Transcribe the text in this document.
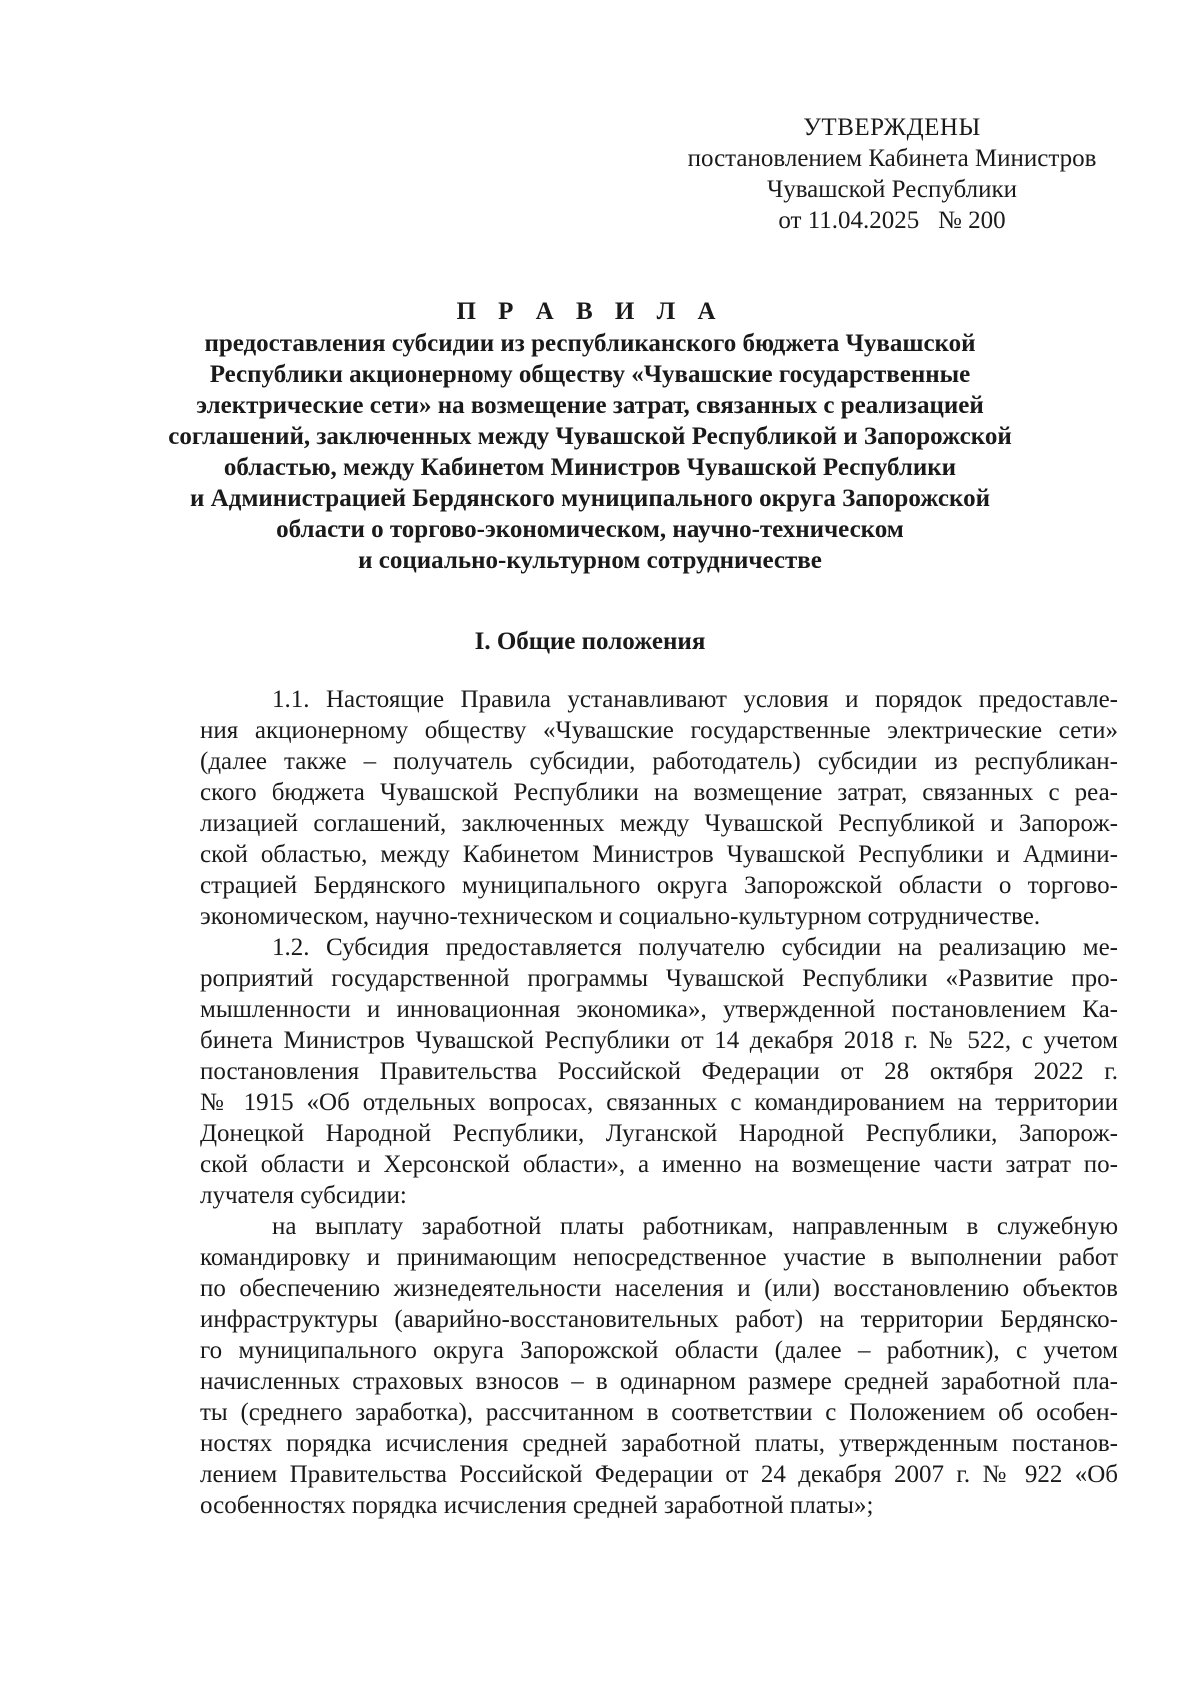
УТВЕРЖДЕНЫ
постановлением Кабинета Министров
Чувашской Республики
от 11.04.2025   № 200
П Р А В И Л А
предоставления субсидии из республиканского бюджета Чувашской
Республики акционерному обществу «Чувашские государственные
электрические сети» на возмещение затрат, связанных с реализацией
соглашений, заключенных между Чувашской Республикой и Запорожской
областью, между Кабинетом Министров Чувашской Республики
и Администрацией Бердянского муниципального округа Запорожской
области о торгово-экономическом, научно-техническом
и социально-культурном сотрудничестве
I. Общие положения
1.1. Настоящие Правила устанавливают условия и порядок предоставле-
ния акционерному обществу «Чувашские государственные электрические сети»
(далее также – получатель субсидии, работодатель) субсидии из республикан-
ского бюджета Чувашской Республики на возмещение затрат, связанных с реа-
лизацией соглашений, заключенных между Чувашской Республикой и Запорож-
ской областью, между Кабинетом Министров Чувашской Республики и Админи-
страцией Бердянского муниципального округа Запорожской области о торгово-
экономическом, научно-техническом и социально-культурном сотрудничестве.
1.2. Субсидия предоставляется получателю субсидии на реализацию ме-
роприятий государственной программы Чувашской Республики «Развитие про-
мышленности и инновационная экономика», утвержденной постановлением Ка-
бинета Министров Чувашской Республики от 14 декабря 2018 г. № 522, с учетом
постановления Правительства Российской Федерации от 28 октября 2022 г.
№ 1915 «Об отдельных вопросах, связанных с командированием на территории
Донецкой Народной Республики, Луганской Народной Республики, Запорож-
ской области и Херсонской области», а именно на возмещение части затрат по-
лучателя субсидии:
на выплату заработной платы работникам, направленным в служебную
командировку и принимающим непосредственное участие в выполнении работ
по обеспечению жизнедеятельности населения и (или) восстановлению объектов
инфраструктуры (аварийно-восстановительных работ) на территории Бердянско-
го муниципального округа Запорожской области (далее – работник), с учетом
начисленных страховых взносов – в одинарном размере средней заработной пла-
ты (среднего заработка), рассчитанном в соответствии с Положением об особен-
ностях порядка исчисления средней заработной платы, утвержденным постанов-
лением Правительства Российской Федерации от 24 декабря 2007 г. № 922 «Об
особенностях порядка исчисления средней заработной платы»;
